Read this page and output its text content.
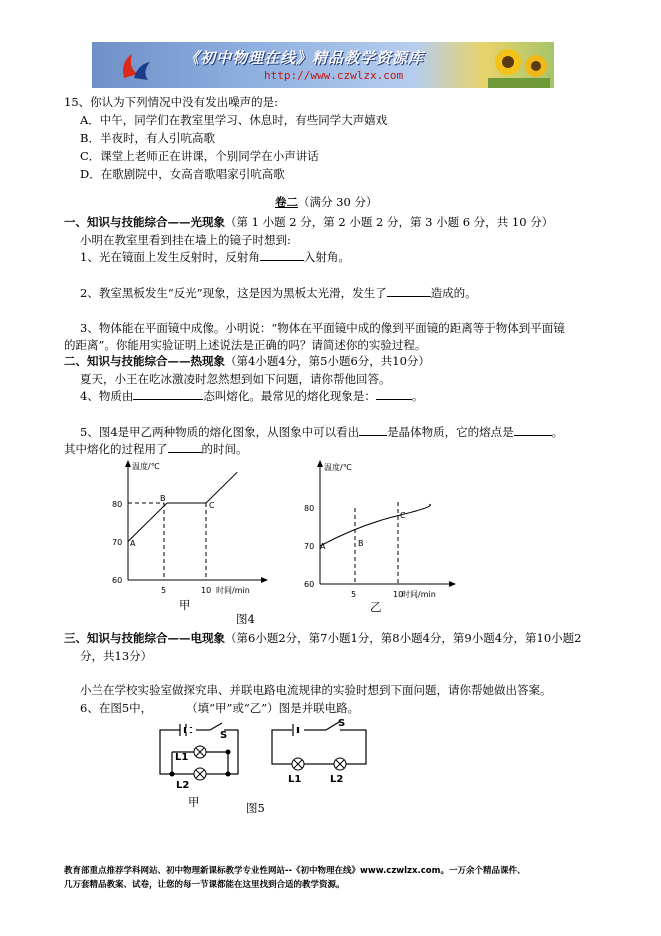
《初中物理在线》精品教学资源库
http://www.czwlzx.com
15、你认为下列情况中没有发出噪声的是:
A．中午，同学们在教室里学习、休息时，有些同学大声嬉戏
B．半夜时，有人引吭高歌
C．课堂上老师正在讲课，个别同学在小声讲话
D．在歌剧院中，女高音歌唱家引吭高歌
卷二（满分 30 分）
一、知识与技能综合——光现象（第 1 小题 2 分，第 2 小题 2 分，第 3 小题 6 分，共 10 分）
小明在教室里看到挂在墙上的镜子时想到:
1、光在镜面上发生反射时，反射角	入射角。
2、教室黑板发生“反光”现象，这是因为黑板太光滑，发生了	造成的。
3、物体能在平面镜中成像。小明说：“物体在平面镜中成的像到平面镜的距离等于物体到平面镜
的距离”。你能用实验证明上述说法是正确的吗？请简述你的实验过程。
二、知识与技能综合——热现象（第4小题4分，第5小题6分，共10分）
夏天，小王在吃冰激凌时忽然想到如下问题，请你帮他回答。
4、物质由	态叫熔化。最常见的熔化现象是：	。
5、图4是甲乙两种物质的熔化图象，从图象中可以看出 是晶体物质，它的熔点是	。
其中熔化的过程用了	的时间。
温度/℃
时间/min
60
70
80
5	10
A
B
C
甲
图4
温度/℃
时间/min
60
70
80
5	10
A	B
C
乙
三、知识与技能综合——电现象（第6小题2分，第7小题1分，第8小题4分，第9小题4分，第10小题2
分，共13分）
小兰在学校实验室做探究串、并联电路电流规律的实验时想到下面问题，请你帮她做出答案。
6、在图5中，	（填“甲”或“乙”）图是并联电路。
S
L1
L2
甲
S
L1	L2
图5
教育部重点推荐学科网站、初中物理新课标教学专业性网站--《初中物理在线》www.czwlzx.com。一万余个精品课件、
几万套精品教案、试卷，让您的每一节课都能在这里找到合适的教学资源。
